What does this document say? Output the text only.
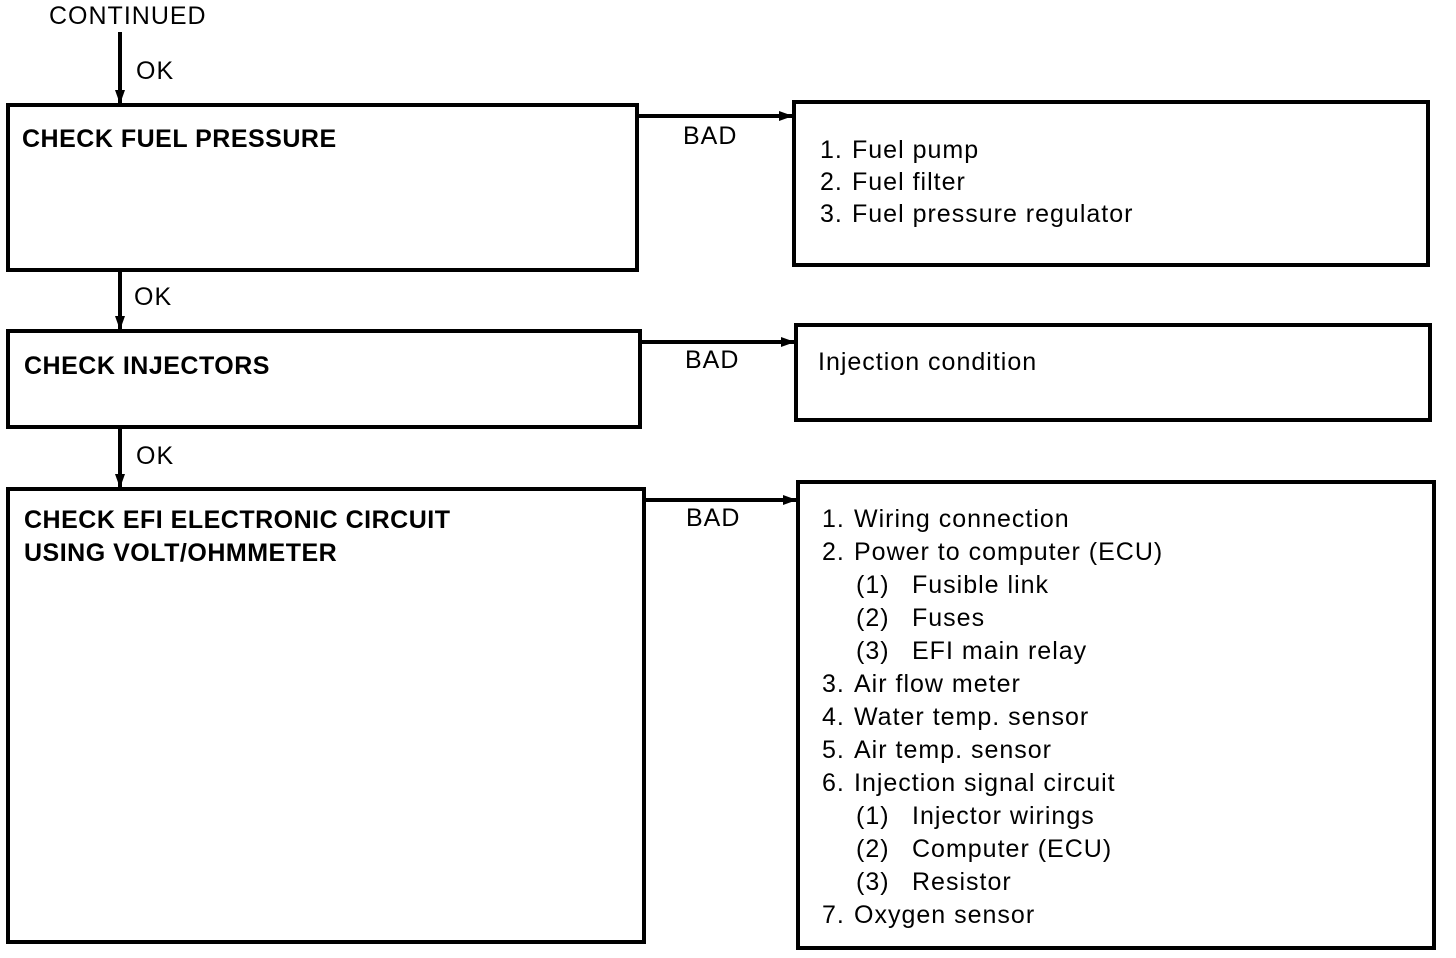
CONTINUED
OK
OK
OK
BAD
BAD
BAD
CHECK FUEL PRESSURE	1. Fuel pump
2. Fuel filter
3. Fuel pressure regulator
CHECK INJECTORS	Injection condition
CHECK EFI ELECTRONIC CIRCUIT
USING VOLT/OHMMETER
1. Wiring connection
2. Power to computer (ECU)
(1) Fusible link
(2) Fuses
(3) EFI main relay
3. Air flow meter
4. Water temp. sensor
5. Air temp. sensor
6. Injection signal circuit
(1) Injector wirings
(2) Computer (ECU)
(3) Resistor
7. Oxygen sensor
